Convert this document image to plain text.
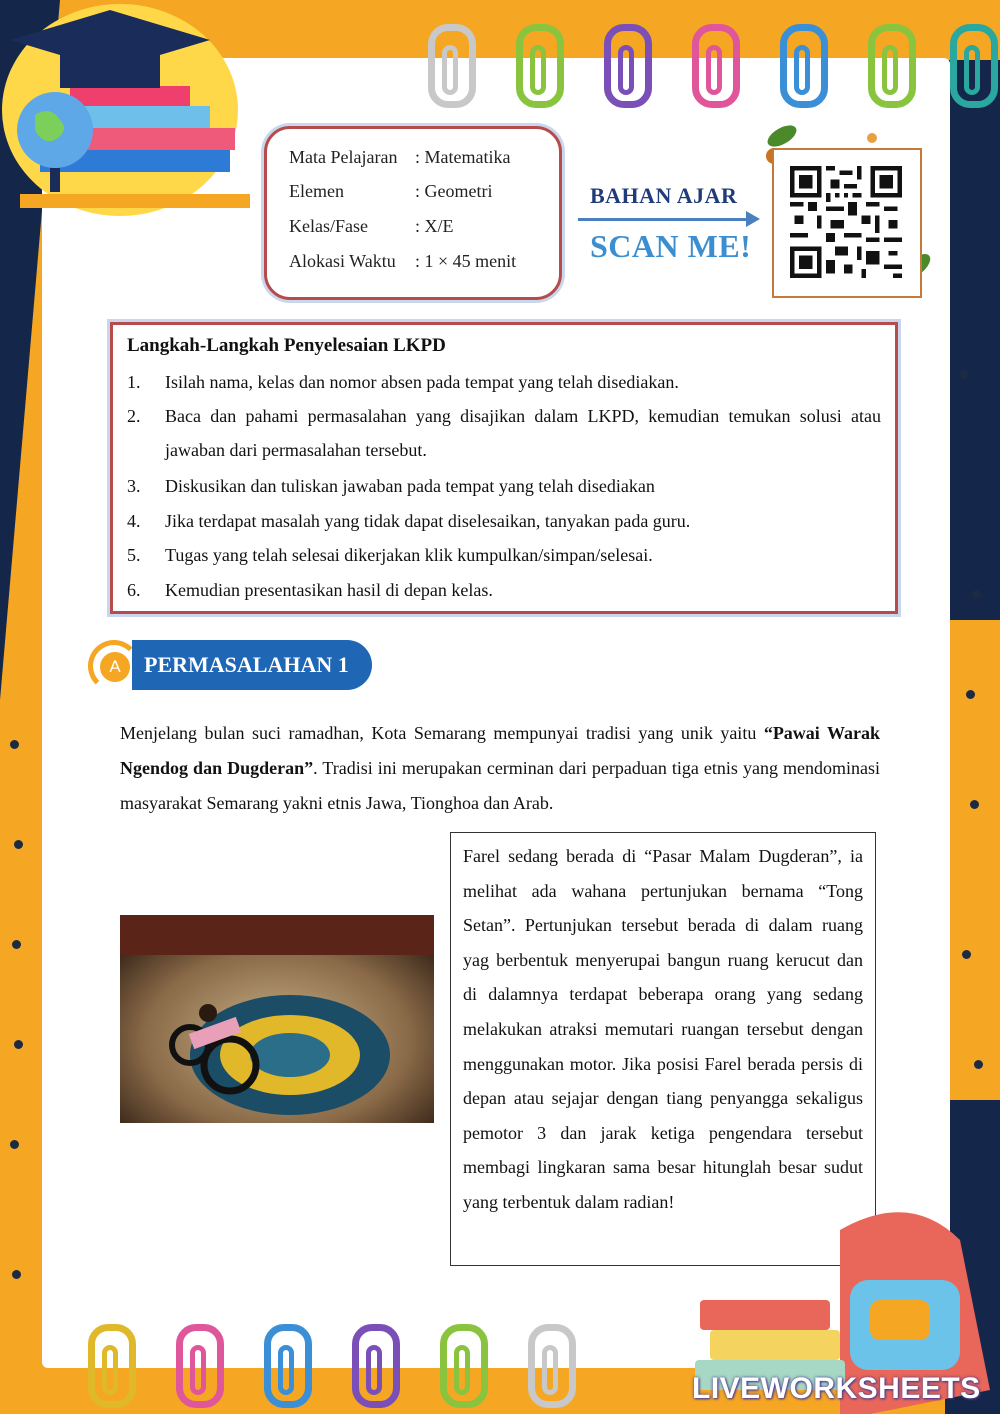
Mata Pelajaran : Matematika
Elemen	: Geometri
Kelas/Fase	: X/E
Alokasi Waktu : 1 × 45 menit
BAHAN AJAR
SCAN ME!
Langkah-Langkah Penyelesaian LKPD
1. Isilah nama, kelas dan nomor absen pada tempat yang telah disediakan.
2. Baca dan pahami permasalahan yang disajikan dalam LKPD, kemudian temukan solusi atau jawaban dari permasalahan tersebut.
3. Diskusikan dan tuliskan jawaban pada tempat yang telah disediakan
4. Jika terdapat masalah yang tidak dapat diselesaikan, tanyakan pada guru.
5. Tugas yang telah selesai dikerjakan klik kumpulkan/simpan/selesai.
6. Kemudian presentasikan hasil di depan kelas.
PERMASALAHAN 1
A
Menjelang bulan suci ramadhan, Kota Semarang mempunyai tradisi yang unik yaitu “Pawai Warak Ngendog dan Dugderan”. Tradisi ini merupakan cerminan dari perpaduan tiga etnis yang mendominasi masyarakat Semarang yakni etnis Jawa, Tionghoa dan Arab.
Farel sedang berada di “Pasar Malam Dugderan”, ia melihat ada wahana pertunjukan bernama “Tong Setan”. Pertunjukan tersebut berada di dalam ruang yag berbentuk menyerupai bangun ruang kerucut dan di dalamnya terdapat beberapa orang yang sedang melakukan atraksi memutari ruangan tersebut dengan menggunakan motor. Jika posisi Farel berada persis di depan atau sejajar dengan tiang penyangga sekaligus pemotor 3 dan jarak ketiga pengendara tersebut membagi lingkaran sama besar hitunglah besar sudut yang terbentuk dalam radian!
LIVEWORKSHEETS
